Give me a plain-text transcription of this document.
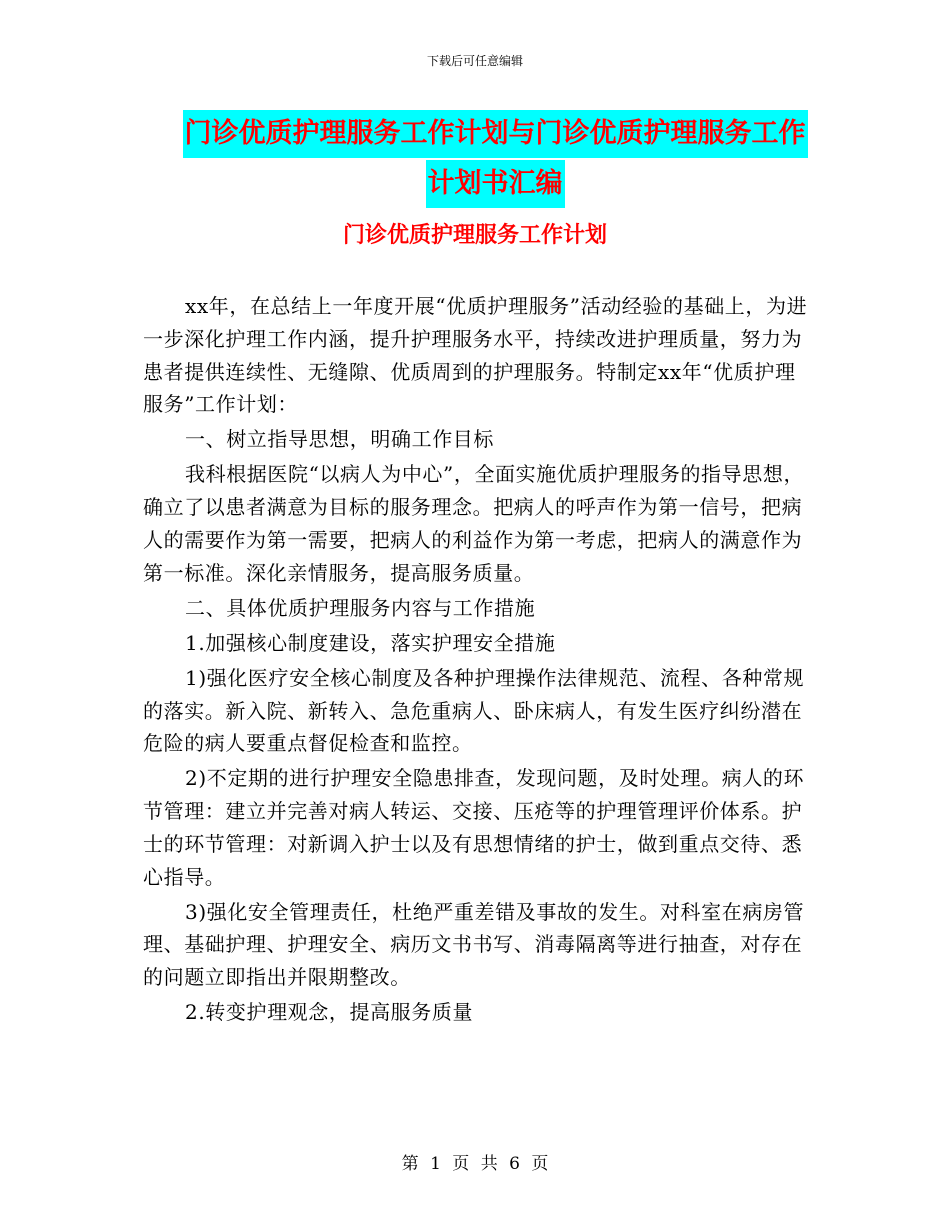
下载后可任意编辑
门诊优质护理服务工作计划与门诊优质护理服务工作
计划书汇编
门诊优质护理服务工作计划

xx年，在总结上一年度开展“优质护理服务”活动经验的基础上，为进一步深化护理工作内涵，提升护理服务水平，持续改进护理质量，努力为患者提供连续性、无缝隙、优质周到的护理服务。特制定xx年“优质护理服务”工作计划：

一、树立指导思想，明确工作目标

我科根据医院“以病人为中心”，全面实施优质护理服务的指导思想，确立了以患者满意为目标的服务理念。把病人的呼声作为第一信号，把病人的需要作为第一需要，把病人的利益作为第一考虑，把病人的满意作为第一标准。深化亲情服务，提高服务质量。

二、具体优质护理服务内容与工作措施

1.加强核心制度建设，落实护理安全措施

1)强化医疗安全核心制度及各种护理操作法律规范、流程、各种常规的落实。新入院、新转入、急危重病人、卧床病人，有发生医疗纠纷潜在危险的病人要重点督促检查和监控。

2)不定期的进行护理安全隐患排查，发现问题，及时处理。病人的环节管理：建立并完善对病人转运、交接、压疮等的护理管理评价体系。护士的环节管理：对新调入护士以及有思想情绪的护士，做到重点交待、悉心指导。

3)强化安全管理责任，杜绝严重差错及事故的发生。对科室在病房管理、基础护理、护理安全、病历文书书写、消毒隔离等进行抽查，对存在的问题立即指出并限期整改。

2.转变护理观念，提高服务质量

第 1 页 共 6 页
